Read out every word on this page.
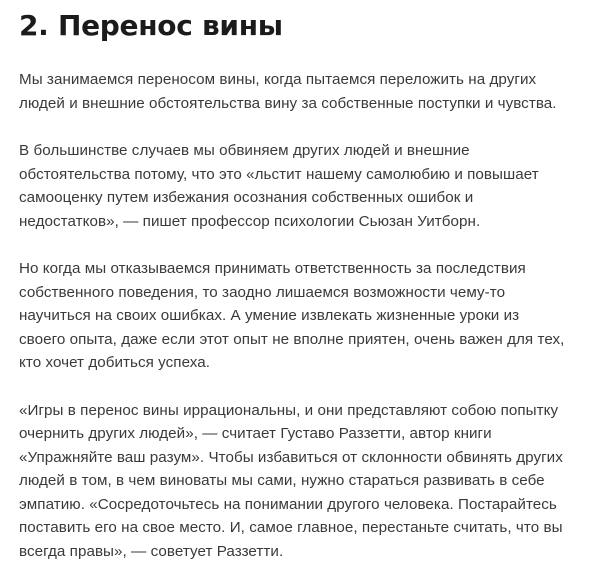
2. Перенос вины

Мы занимаемся переносом вины, когда пытаемся переложить на других
людей и внешние обстоятельства вину за собственные поступки и чувства.

В большинстве случаев мы обвиняем других людей и внешние
обстоятельства потому, что это «льстит нашему самолюбию и повышает
самооценку путем избежания осознания собственных ошибок и
недостатков», — пишет профессор психологии Сьюзан Уитборн.

Но когда мы отказываемся принимать ответственность за последствия
собственного поведения, то заодно лишаемся возможности чему-то
научиться на своих ошибках. А умение извлекать жизненные уроки из
своего опыта, даже если этот опыт не вполне приятен, очень важен для тех,
кто хочет добиться успеха.

«Игры в перенос вины иррациональны, и они представляют собою попытку
очернить других людей», — считает Густаво Раззетти, автор книги
«Упражняйте ваш разум». Чтобы избавиться от склонности обвинять других
людей в том, в чем виноваты мы сами, нужно стараться развивать в себе
эмпатию. «Сосредоточьтесь на понимании другого человека. Постарайтесь
поставить его на свое место. И, самое главное, перестаньте считать, что вы
всегда правы», — советует Раззетти.
